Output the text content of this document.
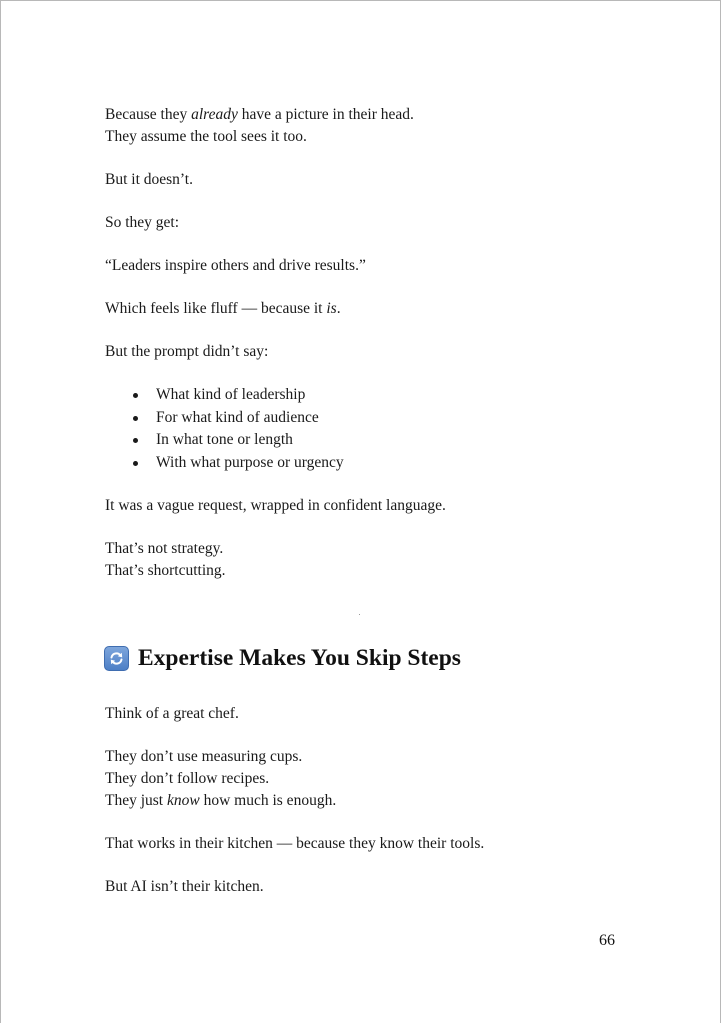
Because they already have a picture in their head.
They assume the tool sees it too.

But it doesn’t.

So they get:

“Leaders inspire others and drive results.”

Which feels like fluff — because it is.

But the prompt didn’t say:

What kind of leadership
For what kind of audience
In what tone or length
With what purpose or urgency

It was a vague request, wrapped in confident language.

That’s not strategy.
That’s shortcutting.

Expertise Makes You Skip Steps

Think of a great chef.

They don’t use measuring cups.
They don’t follow recipes.
They just know how much is enough.

That works in their kitchen — because they know their tools.

But AI isn’t their kitchen.

66
